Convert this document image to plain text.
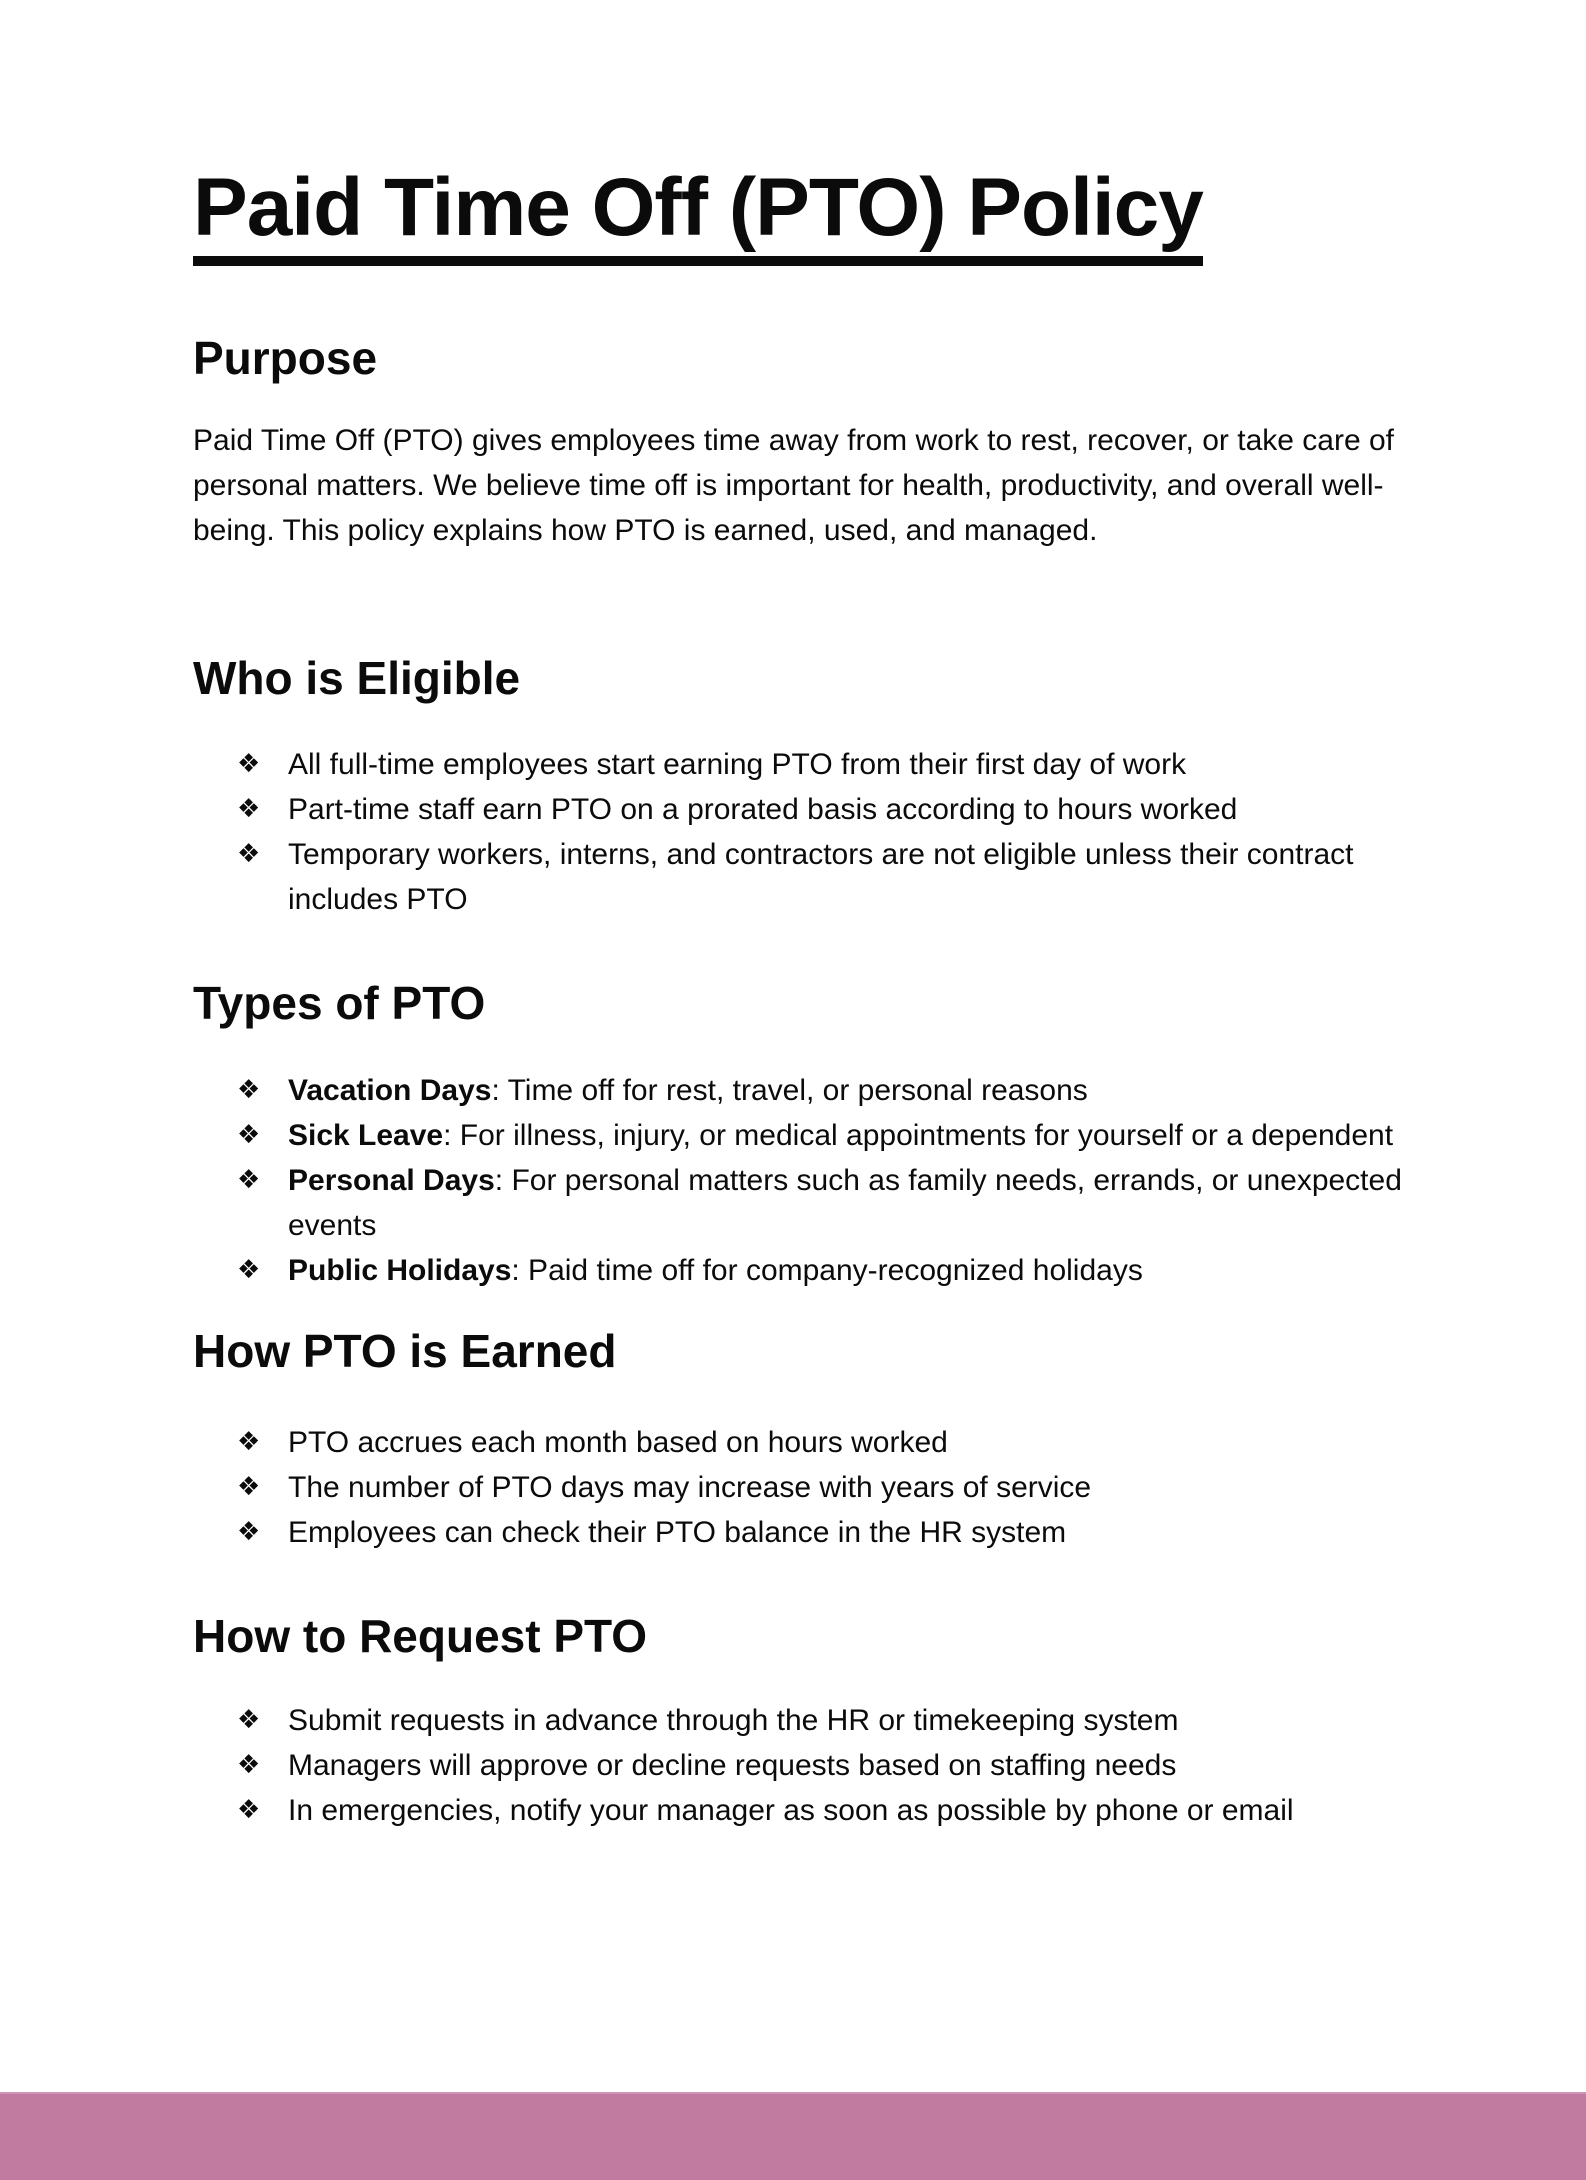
Paid Time Off (PTO) Policy
Purpose

Paid Time Off (PTO) gives employees time away from work to rest, recover, or take care of personal matters. We believe time off is important for health, productivity, and overall well-being. This policy explains how PTO is earned, used, and managed.

Who is Eligible
❖ All full-time employees start earning PTO from their first day of work
❖ Part-time staff earn PTO on a prorated basis according to hours worked
❖ Temporary workers, interns, and contractors are not eligible unless their contract includes PTO
Types of PTO
❖ Vacation Days: Time off for rest, travel, or personal reasons
❖ Sick Leave: For illness, injury, or medical appointments for yourself or a dependent
❖ Personal Days: For personal matters such as family needs, errands, or unexpected events
❖ Public Holidays: Paid time off for company-recognized holidays
How PTO is Earned
❖ PTO accrues each month based on hours worked
❖ The number of PTO days may increase with years of service
❖ Employees can check their PTO balance in the HR system
How to Request PTO
❖ Submit requests in advance through the HR or timekeeping system
❖ Managers will approve or decline requests based on staffing needs
❖ In emergencies, notify your manager as soon as possible by phone or email
